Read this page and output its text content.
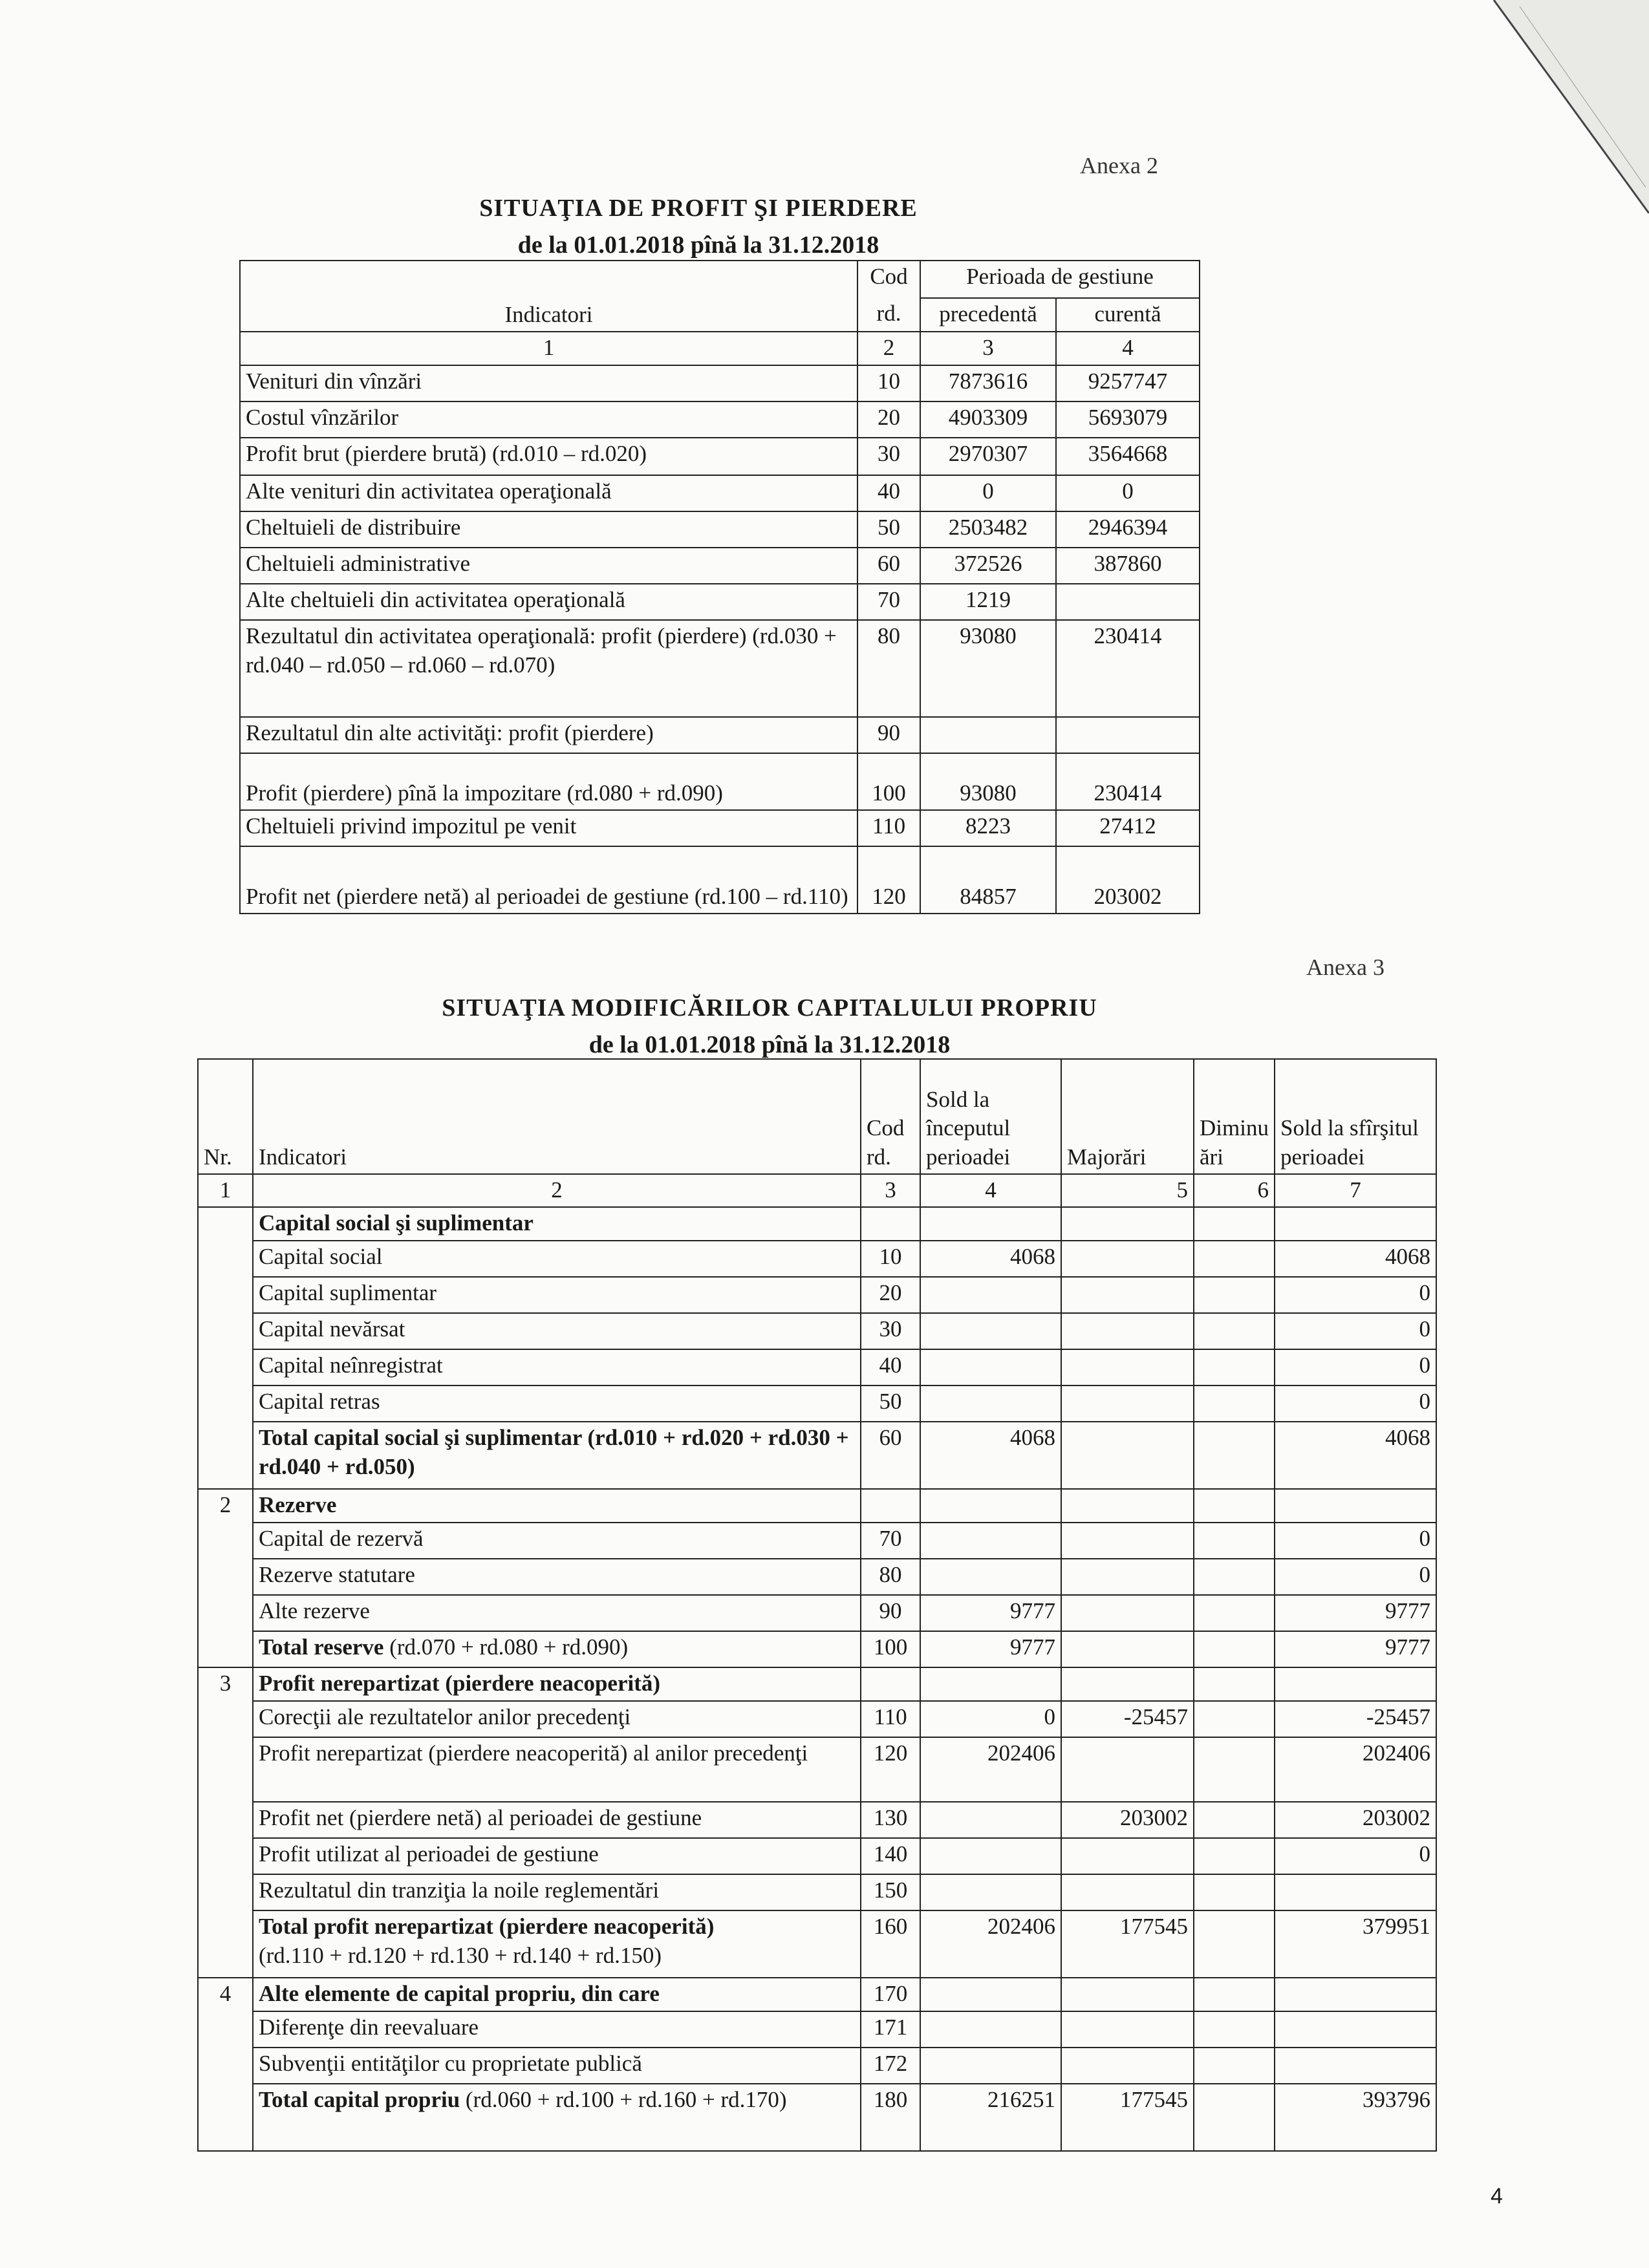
Anexa 2
SITUAŢIA DE PROFIT ŞI PIERDERE
de la 01.01.2018 pînă la 31.12.2018
Indicatori	Cod	Perioada de gestiune	
	rd.	precedentă	curentă
1	2	3	4
Venituri din vînzări	10	7873616	9257747
Costul vînzărilor	20	4903309	5693079
Profit brut (pierdere brută) (rd.010 – rd.020)	30	2970307	3564668
Alte venituri din activitatea operaţională	40	0	0
Cheltuieli de distribuire	50	2503482	2946394
Cheltuieli administrative	60	372526	387860
Alte cheltuieli din activitatea operaţională	70	1219	
Rezultatul din activitatea operaţională: profit (pierdere) (rd.030 + rd.040 – rd.050 – rd.060 – rd.070)	80	93080	230414
Rezultatul din alte activităţi: profit (pierdere)	90		
Profit (pierdere) pînă la impozitare (rd.080 + rd.090)	100	93080	230414
Cheltuieli privind impozitul pe venit	110	8223	27412
Profit net (pierdere netă) al perioadei de gestiune (rd.100 – rd.110)	120	84857	203002
Anexa 3
SITUAŢIA MODIFICĂRILOR CAPITALULUI PROPRIU
de la 01.01.2018 pînă la 31.12.2018
Nr.	Indicatori	Cod rd.	Sold la începutul perioadei	Majorări	Diminuări	Sold la sfîrşitul perioadei
1	2	3	4	5	6	7
	Capital social şi suplimentar					
	Capital social	10	4068			4068
	Capital suplimentar	20				0
	Capital nevărsat	30				0
	Capital neînregistrat	40				0
	Capital retras	50				0
	Total capital social şi suplimentar (rd.010 + rd.020 + rd.030 + rd.040 + rd.050)	60	4068			4068
2	Rezerve					
	Capital de rezervă	70				0
	Rezerve statutare	80				0
	Alte rezerve	90	9777			9777
	Total reserve (rd.070 + rd.080 + rd.090)	100	9777			9777
3	Profit nerepartizat (pierdere neacoperită)					
	Corecţii ale rezultatelor anilor precedenţi	110	0	-25457		-25457
	Profit nerepartizat (pierdere neacoperită) al anilor precedenţi	120	202406			202406
	Profit net (pierdere netă) al perioadei de gestiune	130		203002		203002
	Profit utilizat al perioadei de gestiune	140				0
	Rezultatul din tranziţia la noile reglementări	150				
	Total profit nerepartizat (pierdere neacoperită)
(rd.110 + rd.120 + rd.130 + rd.140 + rd.150)	160	202406	177545		379951
4	Alte elemente de capital propriu, din care	170				
	Diferenţe din reevaluare	171				
	Subvenţii entităţilor cu proprietate publică	172				
	Total capital propriu (rd.060 + rd.100 + rd.160 + rd.170)	180	216251	177545		393796
4
